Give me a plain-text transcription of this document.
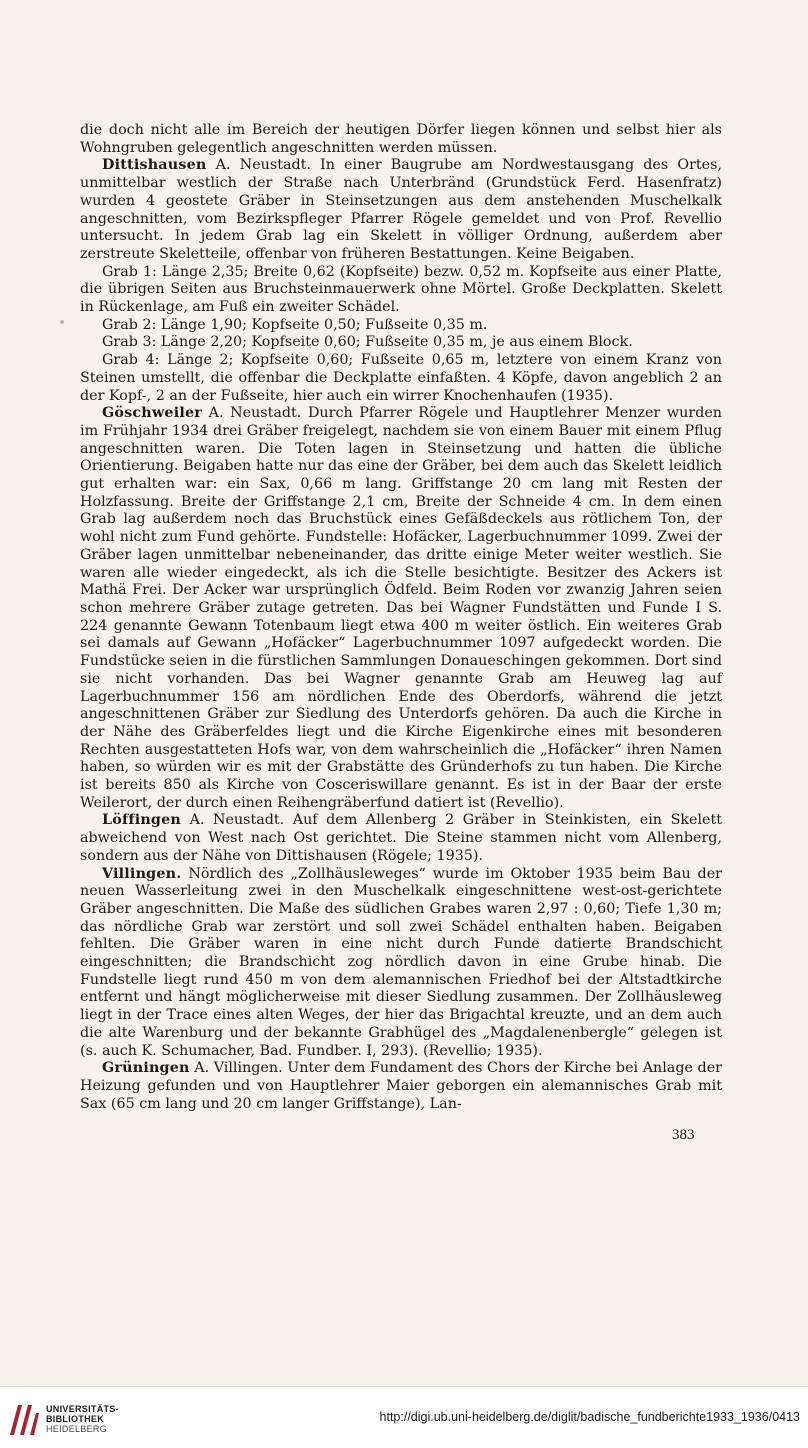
die doch nicht alle im Bereich der heutigen Dörfer liegen können und selbst hier als Wohngruben gelegentlich angeschnitten werden müssen.

Dittishausen A. Neustadt. In einer Baugrube am Nordwestausgang des Ortes, unmittelbar westlich der Straße nach Unterbränd (Grundstück Ferd. Hasenfratz) wurden 4 geostete Gräber in Steinsetzungen aus dem anstehenden Muschelkalk angeschnitten, vom Bezirkspfleger Pfarrer Rögele gemeldet und von Prof. Revellio untersucht. In jedem Grab lag ein Skelett in völliger Ordnung, außerdem aber zerstreute Skeletteile, offenbar von früheren Bestattungen. Keine Beigaben.

Grab 1: Länge 2,35; Breite 0,62 (Kopfseite) bezw. 0,52 m. Kopfseite aus einer Platte, die übrigen Seiten aus Bruchsteinmauerwerk ohne Mörtel. Große Deckplatten. Skelett in Rückenlage, am Fuß ein zweiter Schädel.

Grab 2: Länge 1,90; Kopfseite 0,50; Fußseite 0,35 m.

Grab 3: Länge 2,20; Kopfseite 0,60; Fußseite 0,35 m, je aus einem Block.

Grab 4: Länge 2; Kopfseite 0,60; Fußseite 0,65 m, letztere von einem Kranz von Steinen umstellt, die offenbar die Deckplatte einfaßten. 4 Köpfe, davon angeblich 2 an der Kopf-, 2 an der Fußseite, hier auch ein wirrer Knochenhaufen (1935).

Göschweiler A. Neustadt. Durch Pfarrer Rögele und Hauptlehrer Menzer wurden im Frühjahr 1934 drei Gräber freigelegt, nachdem sie von einem Bauer mit einem Pflug angeschnitten waren. Die Toten lagen in Steinsetzung und hatten die übliche Orientierung. Beigaben hatte nur das eine der Gräber, bei dem auch das Skelett leidlich gut erhalten war: ein Sax, 0,66 m lang. Griffstange 20 cm lang mit Resten der Holzfassung. Breite der Griffstange 2,1 cm, Breite der Schneide 4 cm. In dem einen Grab lag außerdem noch das Bruchstück eines Gefäßdeckels aus rötlichem Ton, der wohl nicht zum Fund gehörte. Fundstelle: Hofäcker, Lagerbuchnummer 1099. Zwei der Gräber lagen unmittelbar nebeneinander, das dritte einige Meter weiter westlich. Sie waren alle wieder eingedeckt, als ich die Stelle besichtigte. Besitzer des Ackers ist Mathä Frei. Der Acker war ursprünglich Ödfeld. Beim Roden vor zwanzig Jahren seien schon mehrere Gräber zutage getreten. Das bei Wagner Fundstätten und Funde I S. 224 genannte Gewann Totenbaum liegt etwa 400 m weiter östlich. Ein weiteres Grab sei damals auf Gewann „Hofäcker“ Lagerbuchnummer 1097 aufgedeckt worden. Die Fundstücke seien in die fürstlichen Sammlungen Donaueschingen gekommen. Dort sind sie nicht vorhanden. Das bei Wagner genannte Grab am Heuweg lag auf Lagerbuchnummer 156 am nördlichen Ende des Oberdorfs, während die jetzt angeschnittenen Gräber zur Siedlung des Unterdorfs gehören. Da auch die Kirche in der Nähe des Gräberfeldes liegt und die Kirche Eigenkirche eines mit besonderen Rechten ausgestatteten Hofs war, von dem wahrscheinlich die „Hofäcker“ ihren Namen haben, so würden wir es mit der Grabstätte des Gründerhofs zu tun haben. Die Kirche ist bereits 850 als Kirche von Cosceriswillare genannt. Es ist in der Baar der erste Weilerort, der durch einen Reihengräberfund datiert ist (Revellio).

Löffingen A. Neustadt. Auf dem Allenberg 2 Gräber in Steinkisten, ein Skelett abweichend von West nach Ost gerichtet. Die Steine stammen nicht vom Allenberg, sondern aus der Nähe von Dittishausen (Rögele; 1935).

Villingen. Nördlich des „Zollhäusleweges“ wurde im Oktober 1935 beim Bau der neuen Wasserleitung zwei in den Muschelkalk eingeschnittene west-ost-gerichtete Gräber angeschnitten. Die Maße des südlichen Grabes waren 2,97 : 0,60; Tiefe 1,30 m; das nördliche Grab war zerstört und soll zwei Schädel enthalten haben. Beigaben fehlten. Die Gräber waren in eine nicht durch Funde datierte Brandschicht eingeschnitten; die Brandschicht zog nördlich davon in eine Grube hinab. Die Fundstelle liegt rund 450 m von dem alemannischen Friedhof bei der Altstadtkirche entfernt und hängt möglicherweise mit dieser Siedlung zusammen. Der Zollhäusleweg liegt in der Trace eines alten Weges, der hier das Brigachtal kreuzte, und an dem auch die alte Warenburg und der bekannte Grabhügel des „Magdalenenbergle“ gelegen ist (s. auch K. Schumacher, Bad. Fundber. I, 293). (Revellio; 1935).

Grüningen A. Villingen. Unter dem Fundament des Chors der Kirche bei Anlage der Heizung gefunden und von Hauptlehrer Maier geborgen ein alemannisches Grab mit Sax (65 cm lang und 20 cm langer Griffstange), Lan-

383
UNIVERSITÄTS-
BIBLIOTHEK
HEIDELBERG
http://digi.ub.uni-heidelberg.de/diglit/badische_fundberichte1933_1936/0413
